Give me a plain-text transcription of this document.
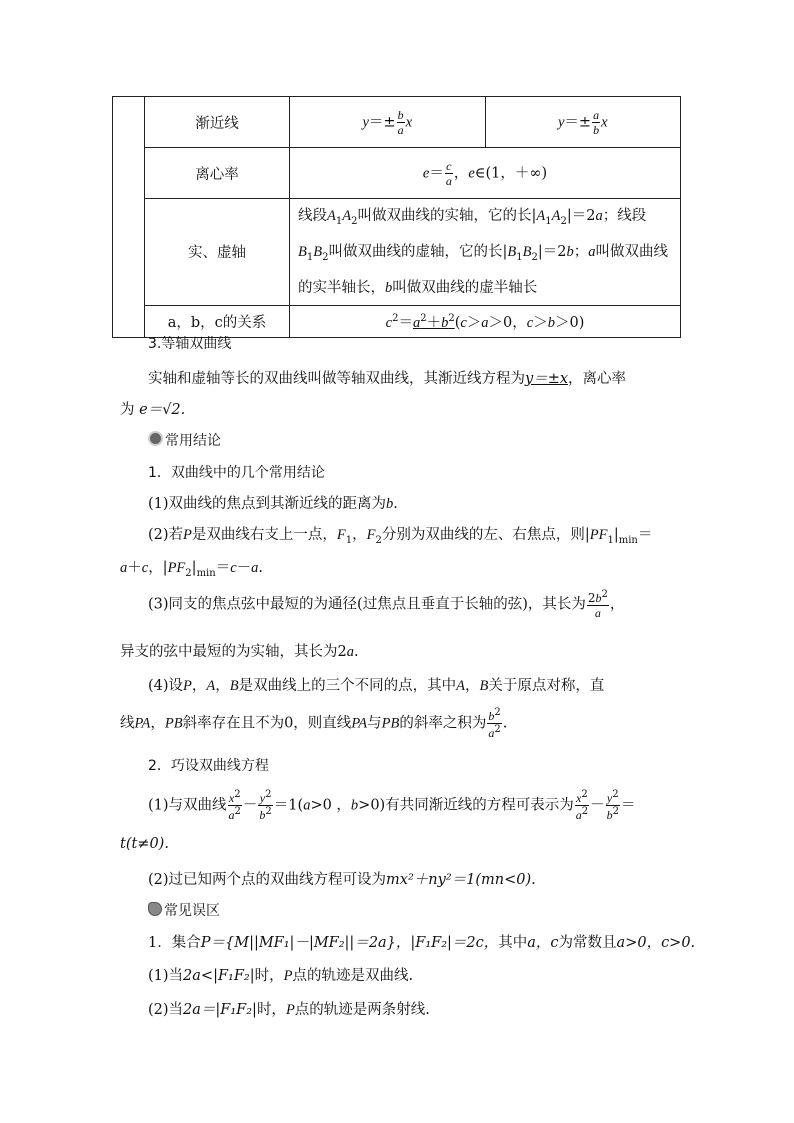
	渐近线	$y=\pm \frac{b}{a}$ x	$y=\pm \frac{a}{b}$ x
	离心率	$e= \frac{c}{a}$ ，e∈(1，＋∞)	
	实、虚轴	线段$A_1A_2$叫做双曲线的实轴，它的长$|A_1A_2|=2a$；线段$B_1B_2$叫做双曲线的虚轴，它的长$|B_1B_2|=2b$；a叫做双曲线的实半轴长，b叫做双曲线的虚半轴长	
	a，b，c的关系	$c^2=a^2+b^2(c>a>0$，c＞b＞0)	
3.等轴双曲线
实轴和虚轴等长的双曲线叫做等轴双曲线，其渐近线方程为y＝±x，离心率
为 e＝√2.
常用结论
1．双曲线中的几个常用结论
(1)双曲线的焦点到其渐近线的距离为b.
(2)若P是双曲线右支上一点，$F_1$，$F_2$分别为双曲线的左、右焦点，则$|PF_1|_{min}=$
a＋c，$|PF_2|_{min}=c-a$.
(3)同支的焦点弦中最短的为通径(过焦点且垂直于长轴的弦)，其长为 $\frac{2b^2}{a}$ ，
异支的弦中最短的为实轴，其长为2a.
(4)设P，A，B是双曲线上的三个不同的点，其中A，B关于原点对称，直
线PA，PB斜率存在且不为0，则直线PA与PB的斜率之积为 $\frac{b^2}{a^2}$ .
2．巧设双曲线方程
(1)与双曲线 $\frac{x^2}{a^2} - \frac{y^2}{b^2} =1(a>0$ ，b>0)有共同渐近线的方程可表示为 $\frac{x^2}{a^2} - \frac{y^2}{b^2}$ ＝
t(t≠0).
(2)过已知两个点的双曲线方程可设为mx²＋ny²＝1(mn<0).
常见误区
1．集合P＝{M||MF₁|－|MF₂||＝2a}，|F₁F₂|＝2c，其中a，c为常数且a>0，c>0.
(1)当2a<|F₁F₂|时，P点的轨迹是双曲线.
(2)当2a＝|F₁F₂|时，P点的轨迹是两条射线.
